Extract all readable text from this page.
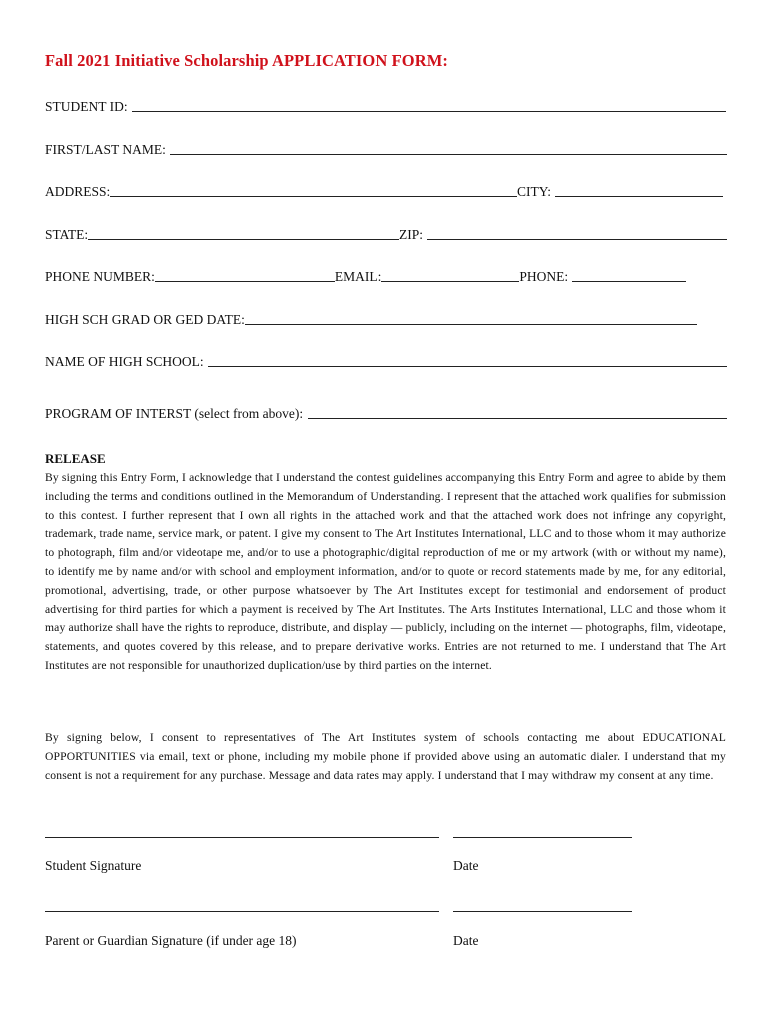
Fall 2021 Initiative Scholarship APPLICATION FORM:
STUDENT ID:
FIRST/LAST NAME:
ADDRESS:	CITY:
STATE:	ZIP:
PHONE NUMBER:	EMAIL:	PHONE:
HIGH SCH GRAD OR GED DATE:
NAME OF HIGH SCHOOL:
PROGRAM OF INTERST (select from above):
RELEASE
By signing this Entry Form, I acknowledge that I understand the contest guidelines accompanying this Entry Form and agree to abide by them including the terms and conditions outlined in the Memorandum of Understanding. I represent that the attached work qualifies for submission to this contest. I further represent that I own all rights in the attached work and that the attached work does not infringe any copyright, trademark, trade name, service mark, or patent. I give my consent to The Art Institutes International, LLC and to those whom it may authorize to photograph, film and/or videotape me, and/or to use a photographic/digital reproduction of me or my artwork (with or without my name), to identify me by name and/or with school and employment information, and/or to quote or record statements made by me, for any editorial, promotional, advertising, trade, or other purpose whatsoever by The Art Institutes except for testimonial and endorsement of product advertising for third parties for which a payment is received by The Art Institutes. The Arts Institutes International, LLC and those whom it may authorize shall have the rights to reproduce, distribute, and display — publicly, including on the internet — photographs, film, videotape, statements, and quotes covered by this release, and to prepare derivative works. Entries are not returned to me. I understand that The Art Institutes are not responsible for unauthorized duplication/use by third parties on the internet.
By signing below, I consent to representatives of The Art Institutes system of schools contacting me about EDUCATIONAL OPPORTUNITIES via email, text or phone, including my mobile phone if provided above using an automatic dialer. I understand that my consent is not a requirement for any purchase. Message and data rates may apply. I understand that I may withdraw my consent at any time.
Student Signature	Date
Parent or Guardian Signature (if under age 18)	Date
